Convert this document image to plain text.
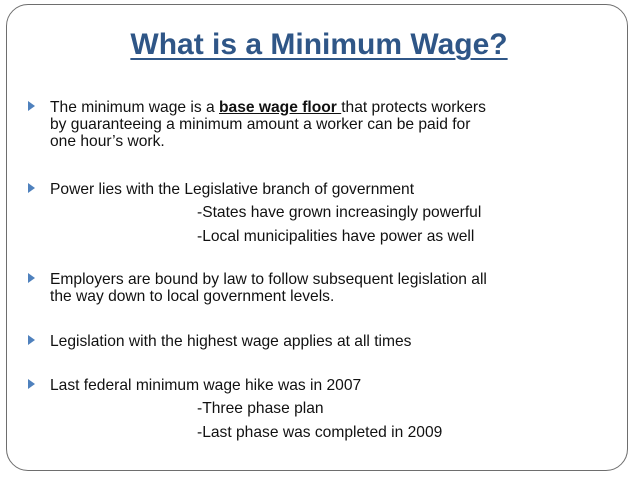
What is a Minimum Wage?
The minimum wage is a base wage floor that protects workers
by guaranteeing a minimum amount a worker can be paid for
one hour’s work.
Power lies with the Legislative branch of government
-States have grown increasingly powerful
-Local municipalities have power as well
Employers are bound by law to follow subsequent legislation all
the way down to local government levels.
Legislation with the highest wage applies at all times
Last federal minimum wage hike was in 2007
-Three phase plan
-Last phase was completed in 2009
